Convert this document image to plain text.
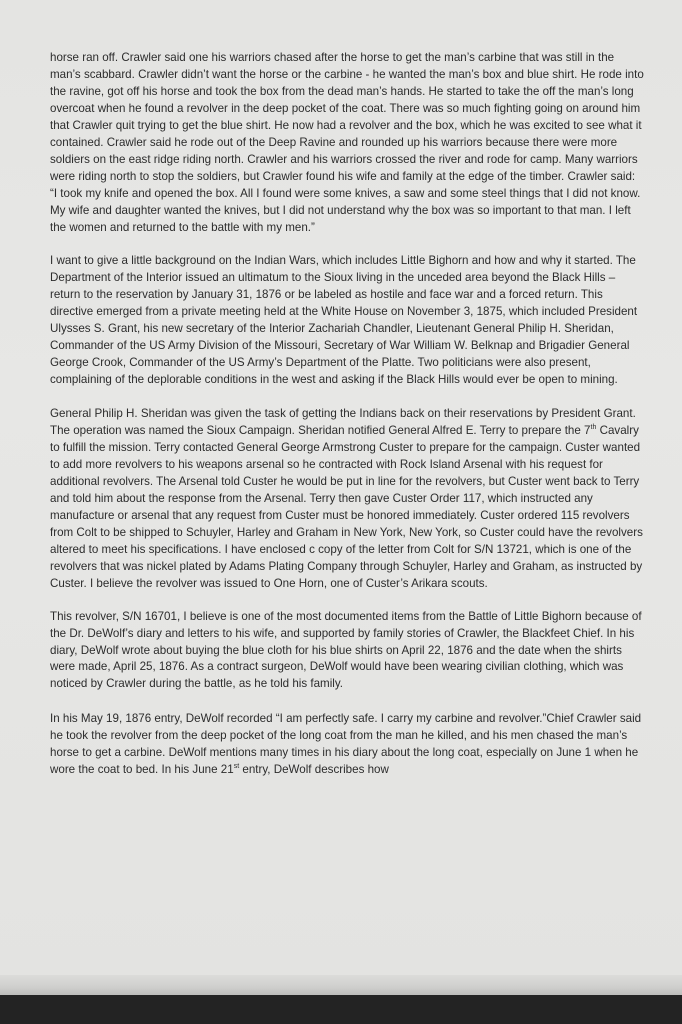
horse ran off. Crawler said one his warriors chased after the horse to get the man’s carbine that was still in the man’s scabbard. Crawler didn’t want the horse or the carbine - he wanted the man’s box and blue shirt. He rode into the ravine, got off his horse and took the box from the dead man’s hands. He started to take the off the man’s long overcoat when he found a revolver in the deep pocket of the coat. There was so much fighting going on around him that Crawler quit trying to get the blue shirt. He now had a revolver and the box, which he was excited to see what it contained. Crawler said he rode out of the Deep Ravine and rounded up his warriors because there were more soldiers on the east ridge riding north. Crawler and his warriors crossed the river and rode for camp. Many warriors were riding north to stop the soldiers, but Crawler found his wife and family at the edge of the timber. Crawler said: “I took my knife and opened the box. All I found were some knives, a saw and some steel things that I did not know. My wife and daughter wanted the knives, but I did not understand why the box was so important to that man. I left the women and returned to the battle with my men.”

I want to give a little background on the Indian Wars, which includes Little Bighorn and how and why it started. The Department of the Interior issued an ultimatum to the Sioux living in the unceded area beyond the Black Hills – return to the reservation by January 31, 1876 or be labeled as hostile and face war and a forced return. This directive emerged from a private meeting held at the White House on November 3, 1875, which included President Ulysses S. Grant, his new secretary of the Interior Zachariah Chandler, Lieutenant General Philip H. Sheridan, Commander of the US Army Division of the Missouri, Secretary of War William W. Belknap and Brigadier General George Crook, Commander of the US Army’s Department of the Platte. Two politicians were also present, complaining of the deplorable conditions in the west and asking if the Black Hills would ever be open to mining.

General Philip H. Sheridan was given the task of getting the Indians back on their reservations by President Grant. The operation was named the Sioux Campaign. Sheridan notified General Alfred E. Terry to prepare the 7th Cavalry to fulfill the mission. Terry contacted General George Armstrong Custer to prepare for the campaign. Custer wanted to add more revolvers to his weapons arsenal so he contracted with Rock Island Arsenal with his request for additional revolvers. The Arsenal told Custer he would be put in line for the revolvers, but Custer went back to Terry and told him about the response from the Arsenal. Terry then gave Custer Order 117, which instructed any manufacture or arsenal that any request from Custer must be honored immediately. Custer ordered 115 revolvers from Colt to be shipped to Schuyler, Harley and Graham in New York, New York, so Custer could have the revolvers altered to meet his specifications. I have enclosed c copy of the letter from Colt for S/N 13721, which is one of the revolvers that was nickel plated by Adams Plating Company through Schuyler, Harley and Graham, as instructed by Custer. I believe the revolver was issued to One Horn, one of Custer’s Arikara scouts.

This revolver, S/N 16701, I believe is one of the most documented items from the Battle of Little Bighorn because of the Dr. DeWolf’s diary and letters to his wife, and supported by family stories of Crawler, the Blackfeet Chief. In his diary, DeWolf wrote about buying the blue cloth for his blue shirts on April 22, 1876 and the date when the shirts were made, April 25, 1876. As a contract surgeon, DeWolf would have been wearing civilian clothing, which was noticed by Crawler during the battle, as he told his family.

In his May 19, 1876 entry, DeWolf recorded “I am perfectly safe. I carry my carbine and revolver.”Chief Crawler said he took the revolver from the deep pocket of the long coat from the man he killed, and his men chased the man’s horse to get a carbine. DeWolf mentions many times in his diary about the long coat, especially on June 1 when he wore the coat to bed. In his June 21st entry, DeWolf describes how
